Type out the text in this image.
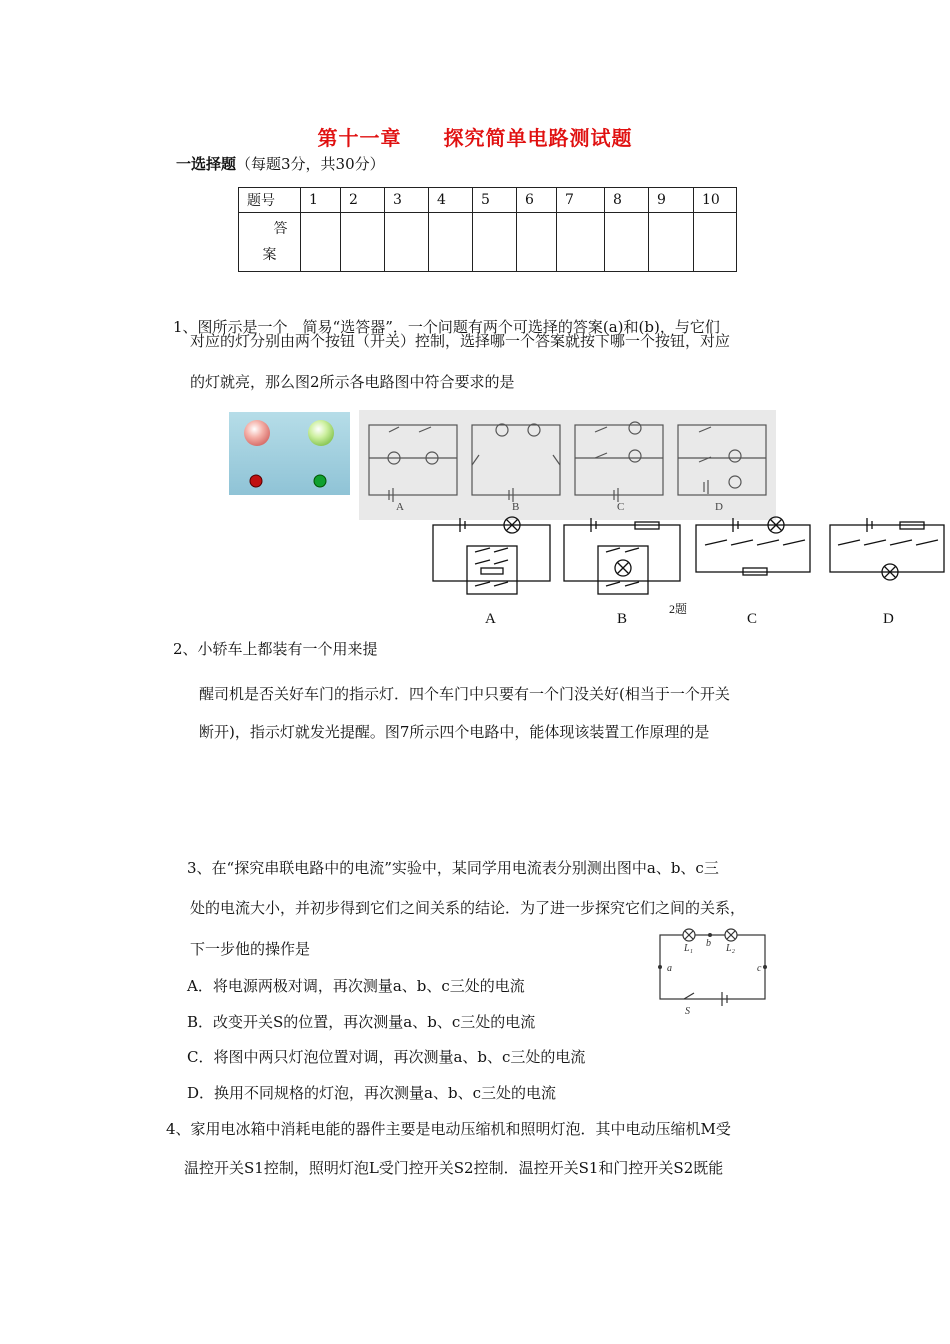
第十一章　　探究简单电路测试题
一选择题（每题3分，共30分）
题号	1	2	3	4	5	6	7	8	9	10
答
案										
1、图所示是一个　简易“选答器”．一个问题有两个可选择的答案(a)和(b)，与它们
对应的灯分别由两个按钮（开关）控制，选择哪一个答案就按下哪一个按钮，对应
的灯就亮，那么图2所示各电路图中符合要求的是
A	B	C	D
A	B	C	D
2题
2、小轿车上都装有一个用来提
醒司机是否关好车门的指示灯．四个车门中只要有一个门没关好(相当于一个开关
断开)，指示灯就发光提醒。图7所示四个电路中，能体现该装置工作原理的是
3、在“探究串联电路中的电流”实验中，某同学用电流表分别测出图中a、b、c三
处的电流大小，并初步得到它们之间关系的结论．为了进一步探究它们之间的关系，
下一步他的操作是
A．将电源两极对调，再次测量a、b、c三处的电流
B．改变开关S的位置，再次测量a、b、c三处的电流
C．将图中两只灯泡位置对调，再次测量a、b、c三处的电流
D．换用不同规格的灯泡，再次测量a、b、c三处的电流
L₁	L₂
b
a	c
S
4、家用电冰箱中消耗电能的器件主要是电动压缩机和照明灯泡．其中电动压缩机M受
温控开关S1控制，照明灯泡L受门控开关S2控制．温控开关S1和门控开关S2既能
